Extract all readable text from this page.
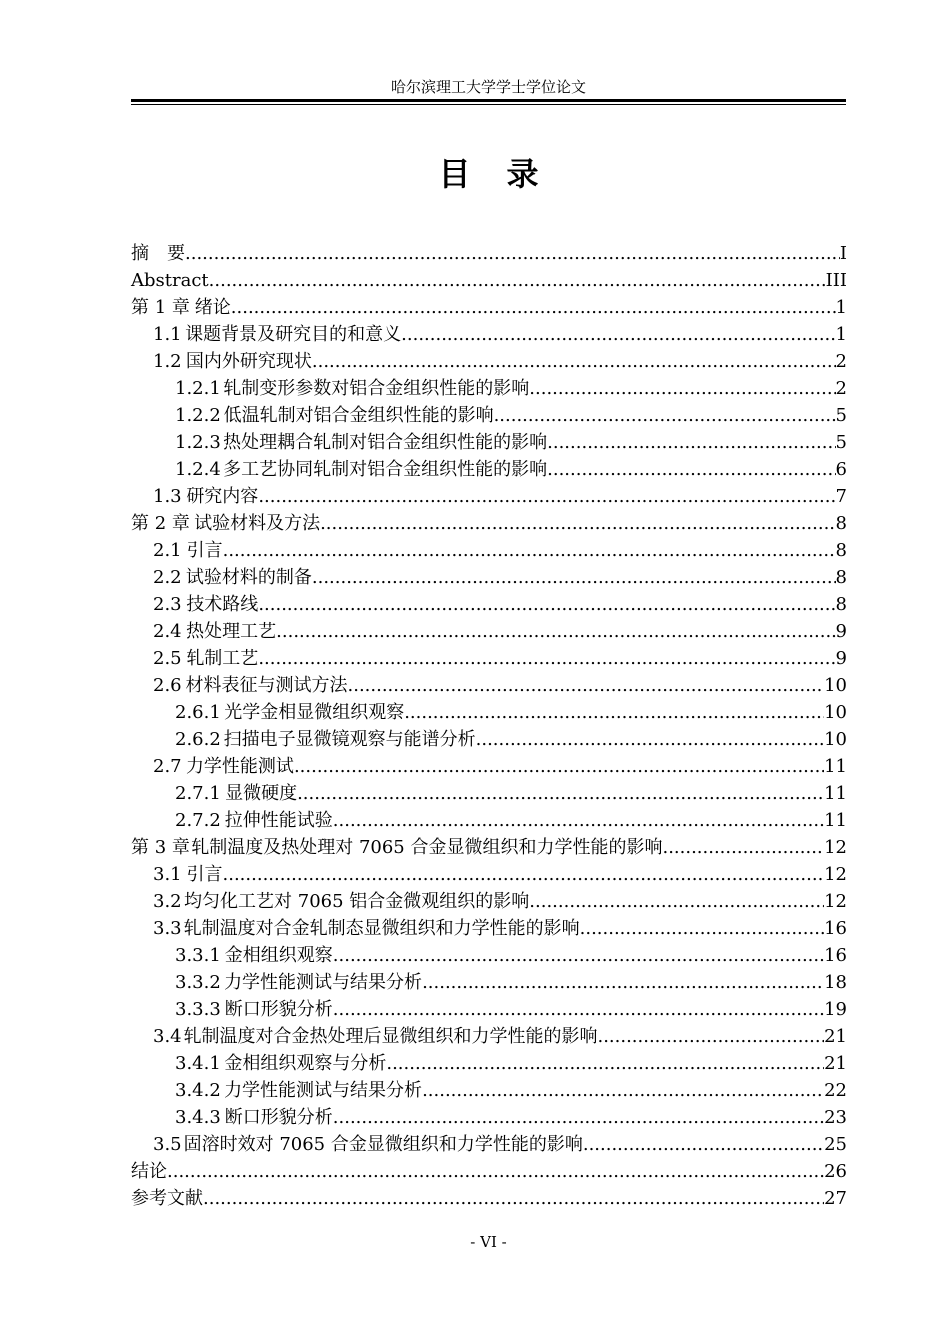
哈尔滨理工大学学士学位论文
目录
摘　要 .....	I
Abstract .....	III
第 1 章 绪论 .....	1
1.1 课题背景及研究目的和意义 .....	1
1.2 国内外研究现状 .....	2
1.2.1 轧制变形参数对铝合金组织性能的影响 .....	2
1.2.2 低温轧制对铝合金组织性能的影响 .....	5
1.2.3 热处理耦合轧制对铝合金组织性能的影响 .....	5
1.2.4 多工艺协同轧制对铝合金组织性能的影响 .....	6
1.3 研究内容 .....	7
第 2 章 试验材料及方法 .....	8
2.1 引言 .....	8
2.2 试验材料的制备 .....	8
2.3 技术路线 .....	8
2.4 热处理工艺 .....	9
2.5 轧制工艺 .....	9
2.6 材料表征与测试方法 .....	10
2.6.1 光学金相显微组织观察 .....	10
2.6.2 扫描电子显微镜观察与能谱分析 .....	10
2.7 力学性能测试 .....	11
2.7.1 显微硬度 .....	11
2.7.2 拉伸性能试验 .....	11
第 3 章 轧制温度及热处理对 7065 合金显微组织和力学性能的影响 .....	12
3.1 引言 .....	12
3.2 均匀化工艺对 7065 铝合金微观组织的影响 .....	12
3.3 轧制温度对合金轧制态显微组织和力学性能的影响 .....	16
3.3.1 金相组织观察 .....	16
3.3.2 力学性能测试与结果分析 .....	18
3.3.3 断口形貌分析 .....	19
3.4 轧制温度对合金热处理后显微组织和力学性能的影响 .....	21
3.4.1 金相组织观察与分析 .....	21
3.4.2 力学性能测试与结果分析 .....	22
3.4.3 断口形貌分析 .....	23
3.5 固溶时效对 7065 合金显微组织和力学性能的影响 .....	25
结论 .....	26
参考文献 .....	27
- VI -
